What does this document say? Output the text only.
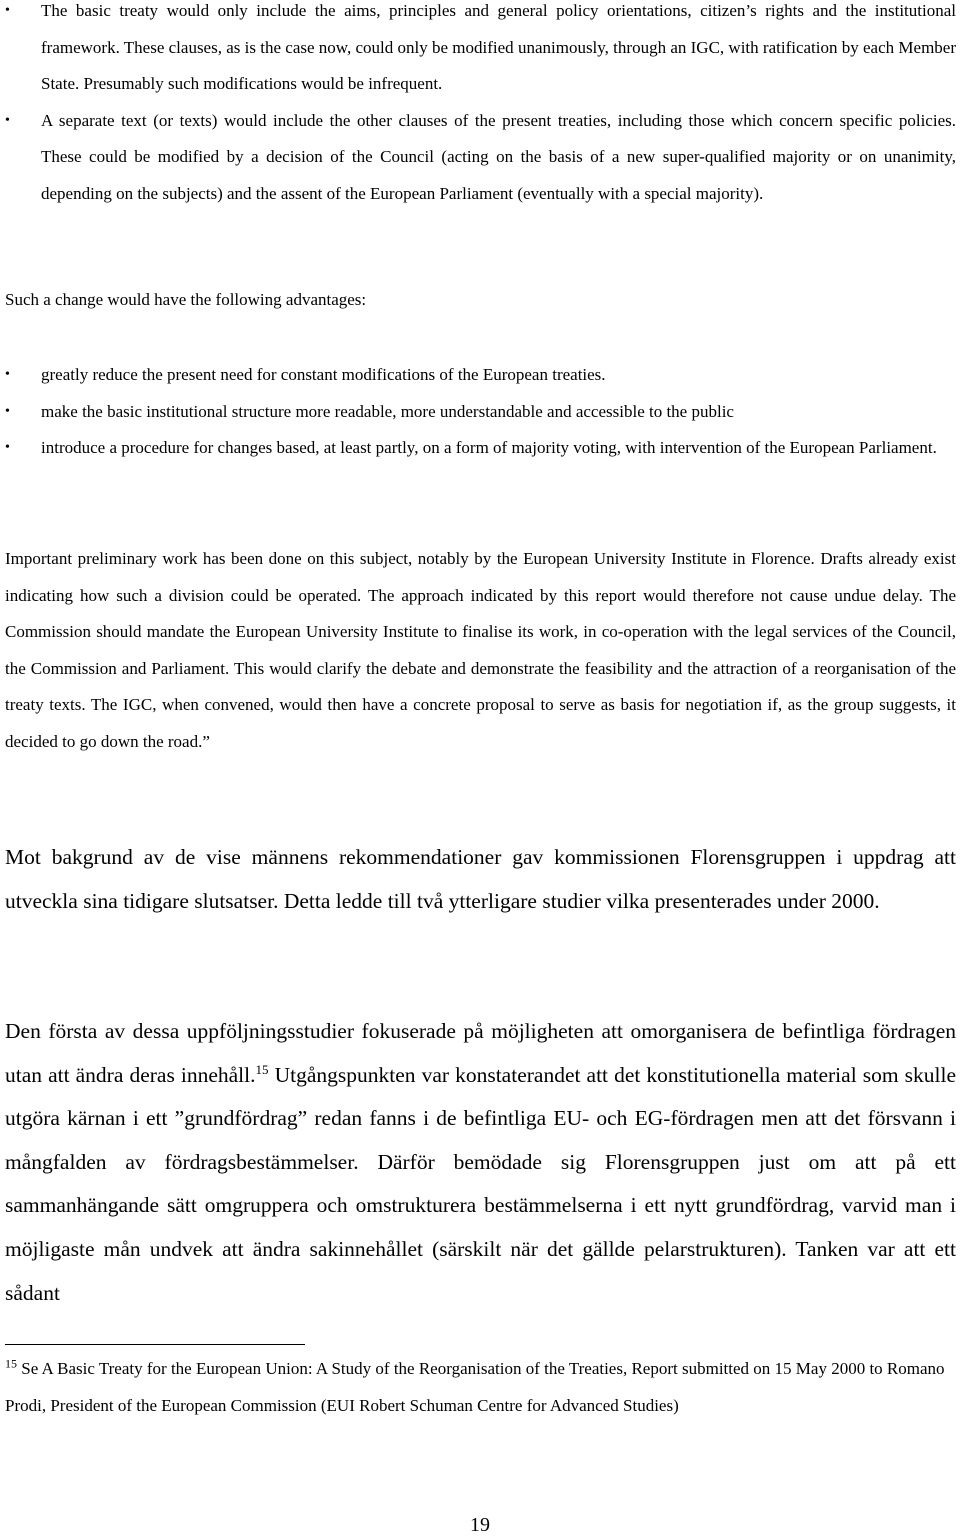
•	The basic treaty would only include the aims, principles and general policy orientations, citizen’s rights and the institutional framework. These clauses, as is the case now, could only be modified unanimously, through an IGC, with ratification by each Member State. Presumably such modifications would be infrequent.
•	A separate text (or texts) would include the other clauses of the present treaties, including those which concern specific policies. These could be modified by a decision of the Council (acting on the basis of a new super-qualified majority or on unanimity, depending on the subjects) and the assent of the European Parliament (eventually with a special majority).

Such a change would have the following advantages:

•	greatly reduce the present need for constant modifications of the European treaties.
•	make the basic institutional structure more readable, more understandable and accessible to the public
•	introduce a procedure for changes based, at least partly, on a form of majority voting, with intervention of the European Parliament.

Important preliminary work has been done on this subject, notably by the European University Institute in Florence. Drafts already exist indicating how such a division could be operated. The approach indicated by this report would therefore not cause undue delay. The Commission should mandate the European University Institute to finalise its work, in co-operation with the legal services of the Council, the Commission and Parliament. This would clarify the debate and demonstrate the feasibility and the attraction of a reorganisation of the treaty texts. The IGC, when convened, would then have a concrete proposal to serve as basis for negotiation if, as the group suggests, it decided to go down the road.”

Mot bakgrund av de vise männens rekommendationer gav kommissionen Florensgruppen i uppdrag att utveckla sina tidigare slutsatser. Detta ledde till två ytterligare studier vilka presenterades under 2000.

Den första av dessa uppföljningsstudier fokuserade på möjligheten att omorganisera de befintliga fördragen utan att ändra deras innehåll.$^{15}$ Utgångspunkten var konstaterandet att det konstitutionella material som skulle utgöra kärnan i ett ”grundfördrag” redan fanns i de befintliga EU- och EG-fördragen men att det försvann i mångfalden av fördragsbestämmelser. Därför bemödade sig Florensgruppen just om att på ett sammanhängande sätt omgruppera och omstrukturera bestämmelserna i ett nytt grundfördrag, varvid man i möjligaste mån undvek att ändra sakinnehållet (särskilt när det gällde pelarstrukturen). Tanken var att ett sådant

$^{15}$ Se A Basic Treaty for the European Union: A Study of the Reorganisation of the Treaties, Report submitted on 15 May 2000 to Romano Prodi, President of the European Commission (EUI Robert Schuman Centre for Advanced Studies)

19
